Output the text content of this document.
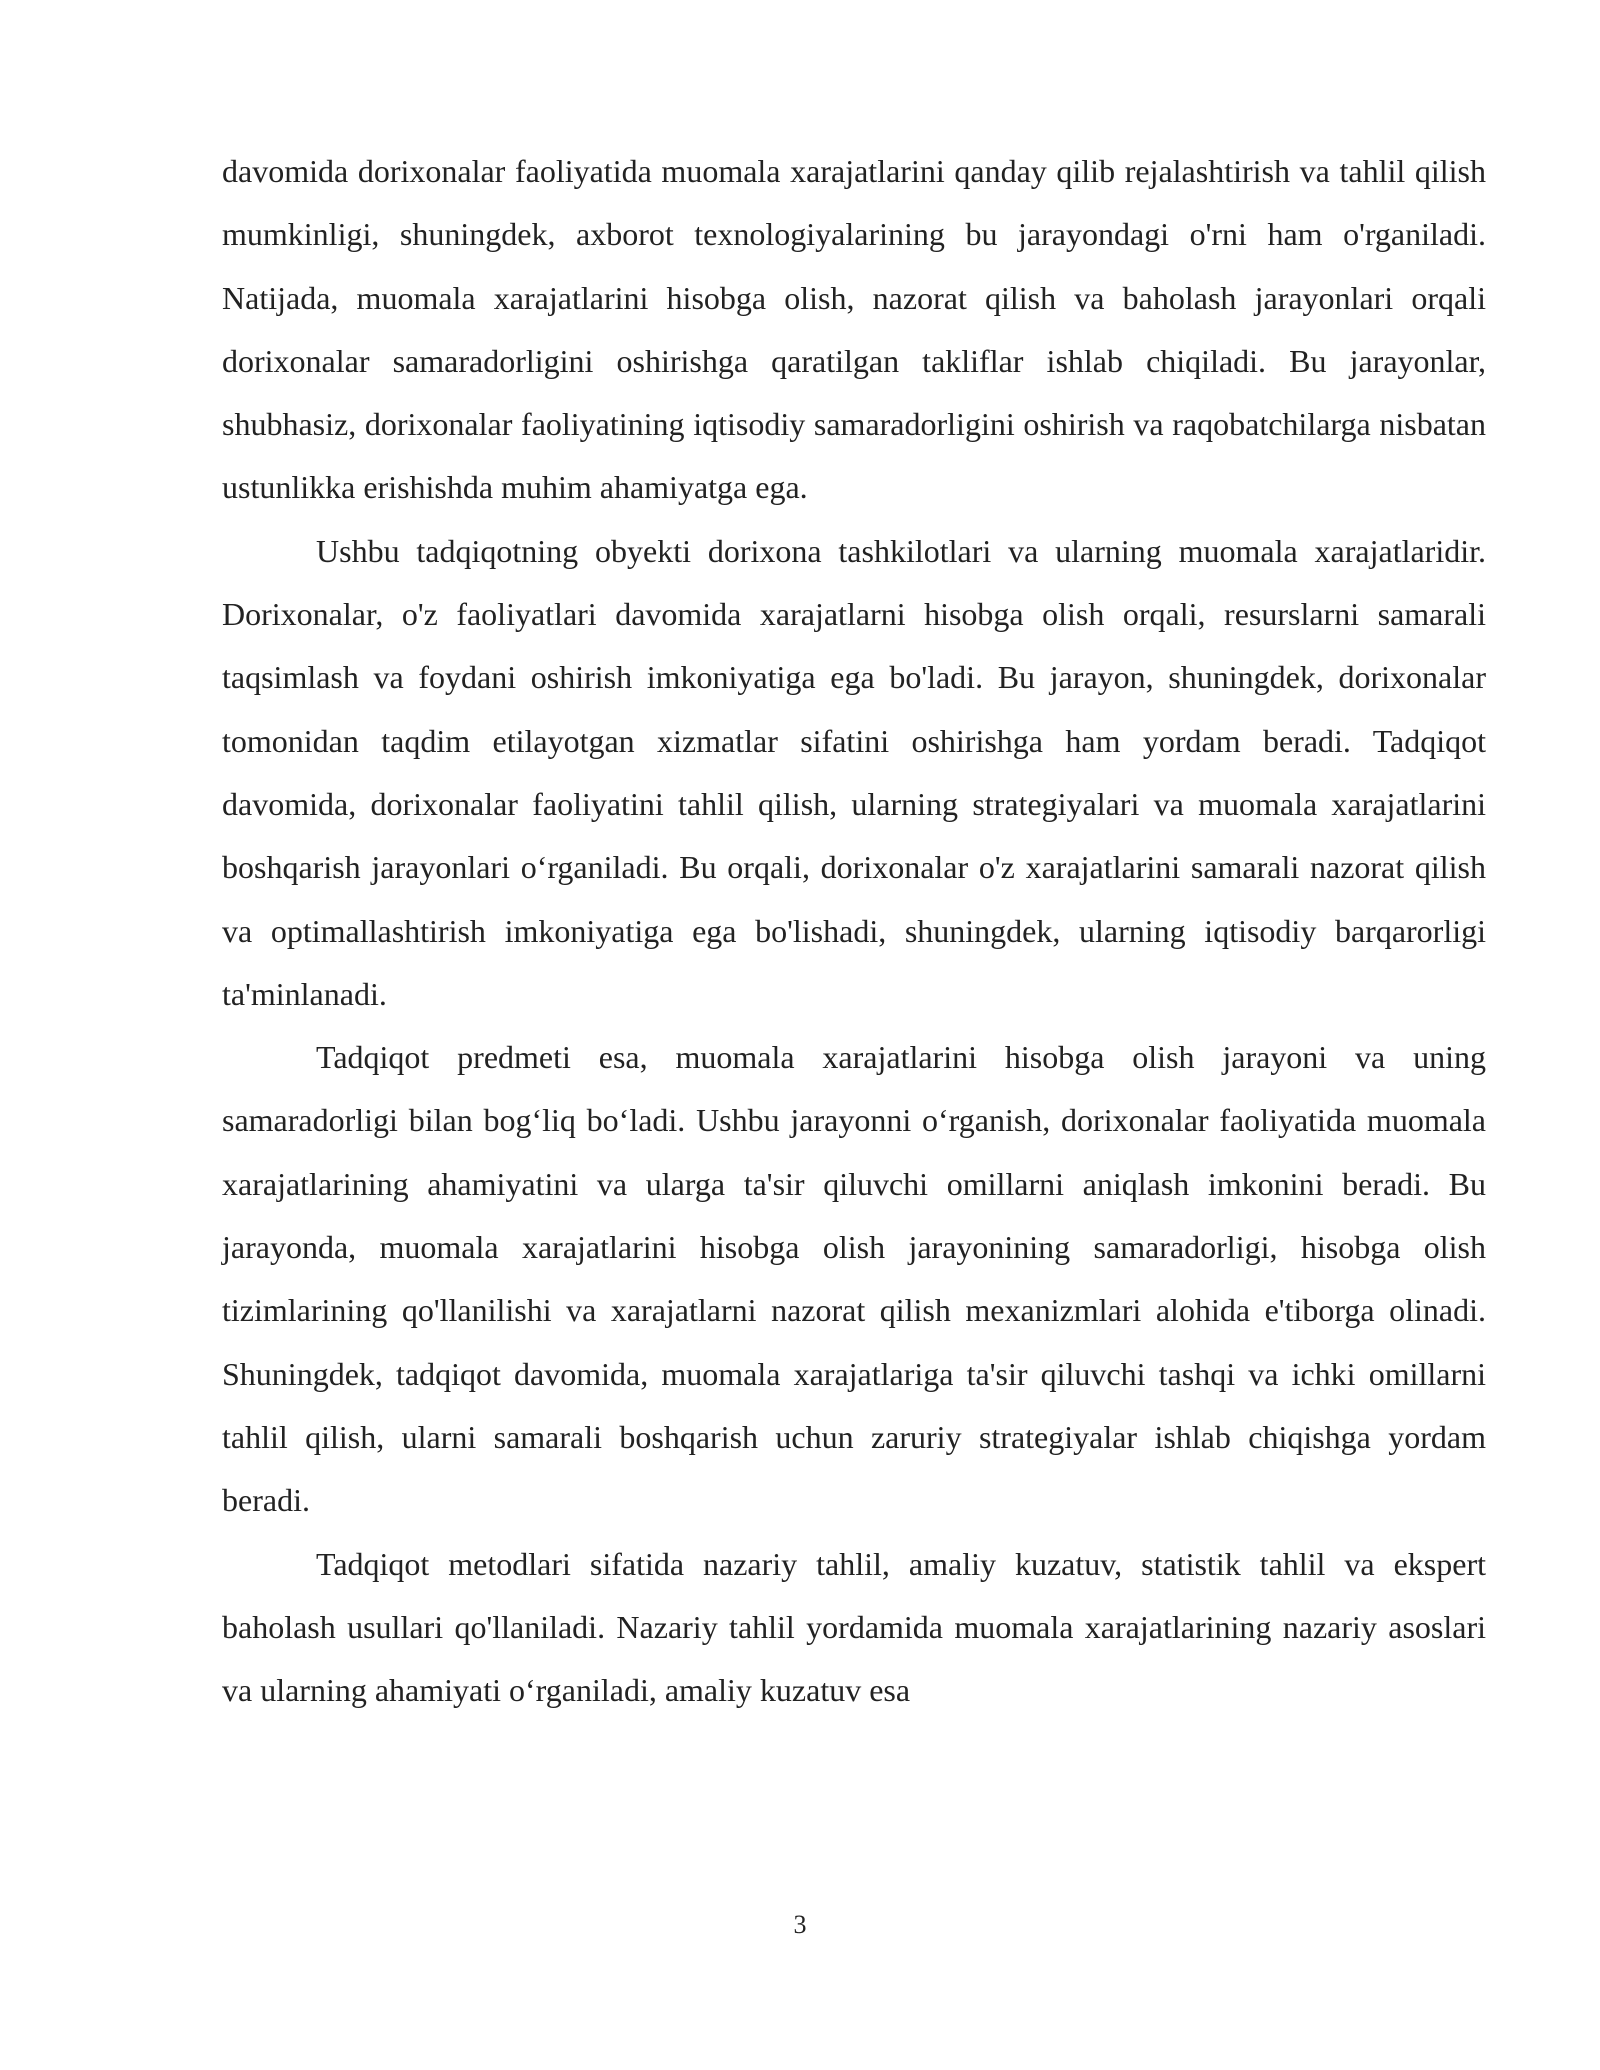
davomida dorixonalar faoliyatida muomala xarajatlarini qanday qilib rejalashtirish va tahlil qilish mumkinligi, shuningdek, axborot texnologiyalarining bu jarayondagi o'rni ham o'rganiladi. Natijada, muomala xarajatlarini hisobga olish, nazorat qilish va baholash jarayonlari orqali dorixonalar samaradorligini oshirishga qaratilgan takliflar ishlab chiqiladi. Bu jarayonlar, shubhasiz, dorixonalar faoliyatining iqtisodiy samaradorligini oshirish va raqobatchilarga nisbatan ustunlikka erishishda muhim ahamiyatga ega.

Ushbu tadqiqotning obyekti dorixona tashkilotlari va ularning muomala xarajatlaridir. Dorixonalar, o'z faoliyatlari davomida xarajatlarni hisobga olish orqali, resurslarni samarali taqsimlash va foydani oshirish imkoniyatiga ega bo'ladi. Bu jarayon, shuningdek, dorixonalar tomonidan taqdim etilayotgan xizmatlar sifatini oshirishga ham yordam beradi. Tadqiqot davomida, dorixonalar faoliyatini tahlil qilish, ularning strategiyalari va muomala xarajatlarini boshqarish jarayonlari o‘rganiladi. Bu orqali, dorixonalar o'z xarajatlarini samarali nazorat qilish va optimallashtirish imkoniyatiga ega bo'lishadi, shuningdek, ularning iqtisodiy barqarorligi ta'minlanadi.

Tadqiqot predmeti esa, muomala xarajatlarini hisobga olish jarayoni va uning samaradorligi bilan bog‘liq bo‘ladi. Ushbu jarayonni o‘rganish, dorixonalar faoliyatida muomala xarajatlarining ahamiyatini va ularga ta'sir qiluvchi omillarni aniqlash imkonini beradi. Bu jarayonda, muomala xarajatlarini hisobga olish jarayonining samaradorligi, hisobga olish tizimlarining qo'llanilishi va xarajatlarni nazorat qilish mexanizmlari alohida e'tiborga olinadi. Shuningdek, tadqiqot davomida, muomala xarajatlariga ta'sir qiluvchi tashqi va ichki omillarni tahlil qilish, ularni samarali boshqarish uchun zaruriy strategiyalar ishlab chiqishga yordam beradi.

Tadqiqot metodlari sifatida nazariy tahlil, amaliy kuzatuv, statistik tahlil va ekspert baholash usullari qo'llaniladi. Nazariy tahlil yordamida muomala xarajatlarining nazariy asoslari va ularning ahamiyati o‘rganiladi, amaliy kuzatuv esa

3
